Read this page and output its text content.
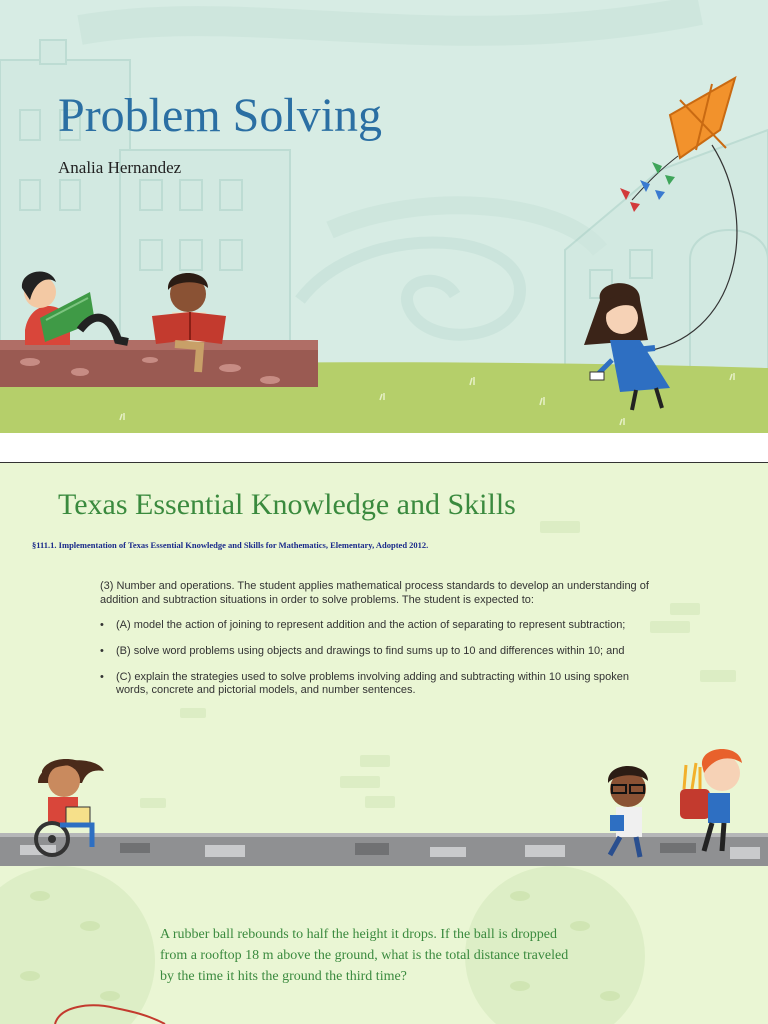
Problem Solving
Analia Hernandez
Texas Essential Knowledge and Skills
§111.1. Implementation of Texas Essential Knowledge and Skills for Mathematics, Elementary, Adopted 2012.
(3) Number and operations. The student applies mathematical process standards to develop an understanding of addition and subtraction situations in order to solve problems. The student is expected to:
• (A) model the action of joining to represent addition and the action of separating to represent subtraction;
• (B) solve word problems using objects and drawings to find sums up to 10 and differences within 10; and
• (C) explain the strategies used to solve problems involving adding and subtracting within 10 using spoken words, concrete and pictorial models, and number sentences.
A rubber ball rebounds to half the height it drops. If the ball is dropped from a rooftop 18 m above the ground, what is the total distance traveled by the time it hits the ground the third time?
